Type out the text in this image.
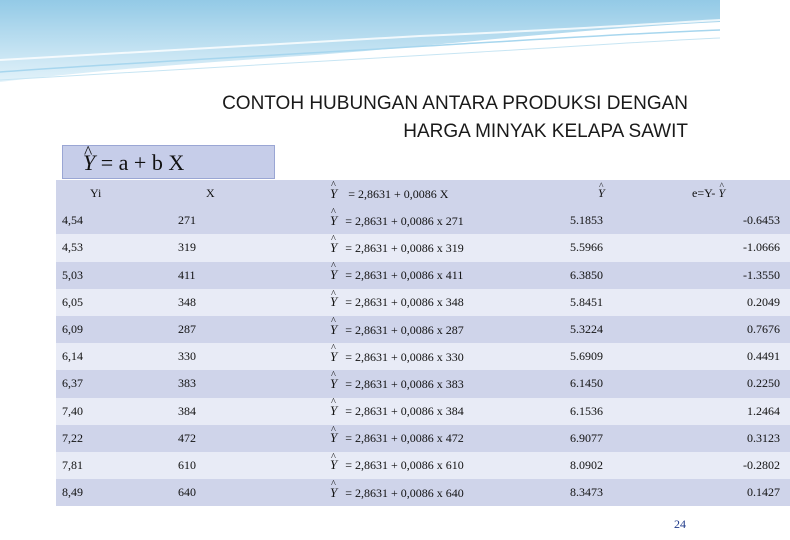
CONTOH HUBUNGAN ANTARA PRODUKSI DENGAN
HARGA MINYAK KELAPA SAWIT
^ Y = a + b X
Yi	X	^ Y = 2,8631 + 0,0086 X	^ Y	e=Y- ^ Y
4,54	271	^ Y = 2,8631 + 0,0086 x 271	5.1853	-0.6453
4,53	319	^ Y = 2,8631 + 0,0086 x 319	5.5966	-1.0666
5,03	411	^ Y = 2,8631 + 0,0086 x 411	6.3850	-1.3550
6,05	348	^ Y = 2,8631 + 0,0086 x 348	5.8451	0.2049
6,09	287	^ Y = 2,8631 + 0,0086 x 287	5.3224	0.7676
6,14	330	^ Y = 2,8631 + 0,0086 x 330	5.6909	0.4491
6,37	383	^ Y = 2,8631 + 0,0086 x 383	6.1450	0.2250
7,40	384	^ Y = 2,8631 + 0,0086 x 384	6.1536	1.2464
7,22	472	^ Y = 2,8631 + 0,0086 x 472	6.9077	0.3123
7,81	610	^ Y = 2,8631 + 0,0086 x 610	8.0902	-0.2802
8,49	640	^ Y = 2,8631 + 0,0086 x 640	8.3473	0.1427
24
